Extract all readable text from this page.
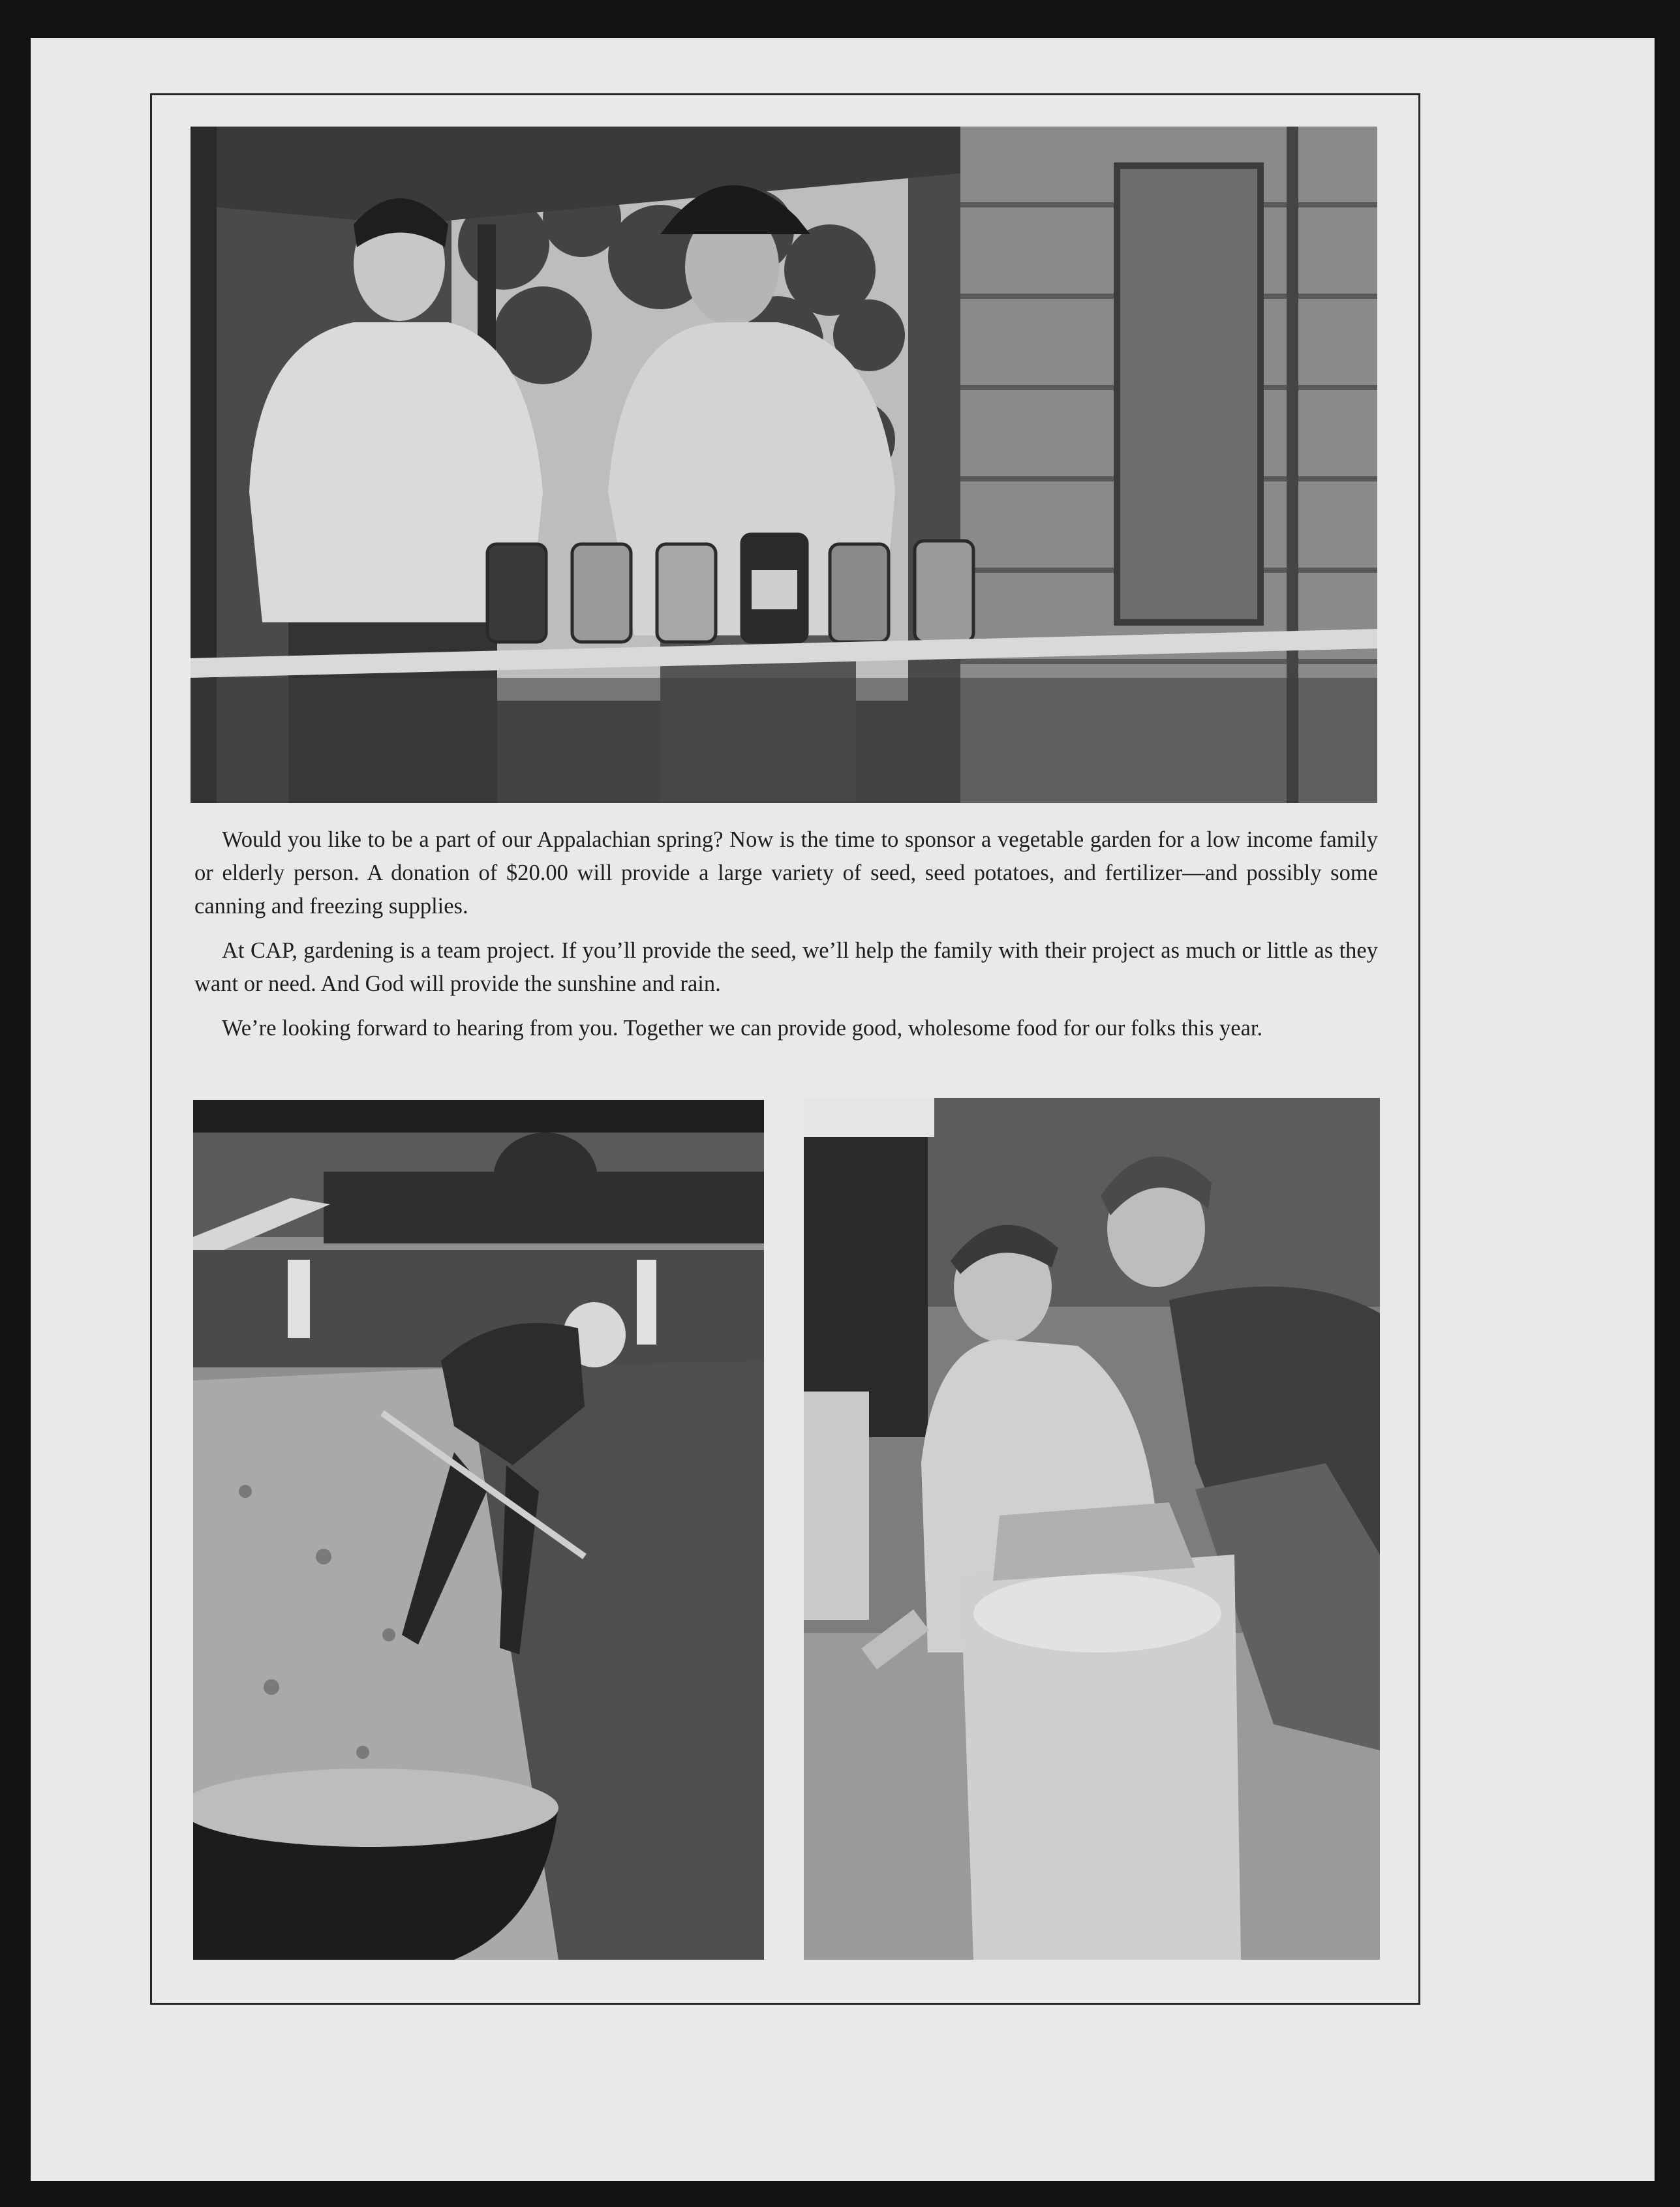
Would you like to be a part of our Appalachian spring? Now is the time to sponsor a vegetable garden for a low income family or elderly person. A donation of $20.00 will provide a large variety of seed, seed potatoes, and fertilizer—and possibly some canning and freezing supplies.

At CAP, gardening is a team project. If you’ll provide the seed, we’ll help the family with their project as much or little as they want or need. And God will provide the sunshine and rain.

We’re looking forward to hearing from you. Together we can provide good, wholesome food for our folks this year.
